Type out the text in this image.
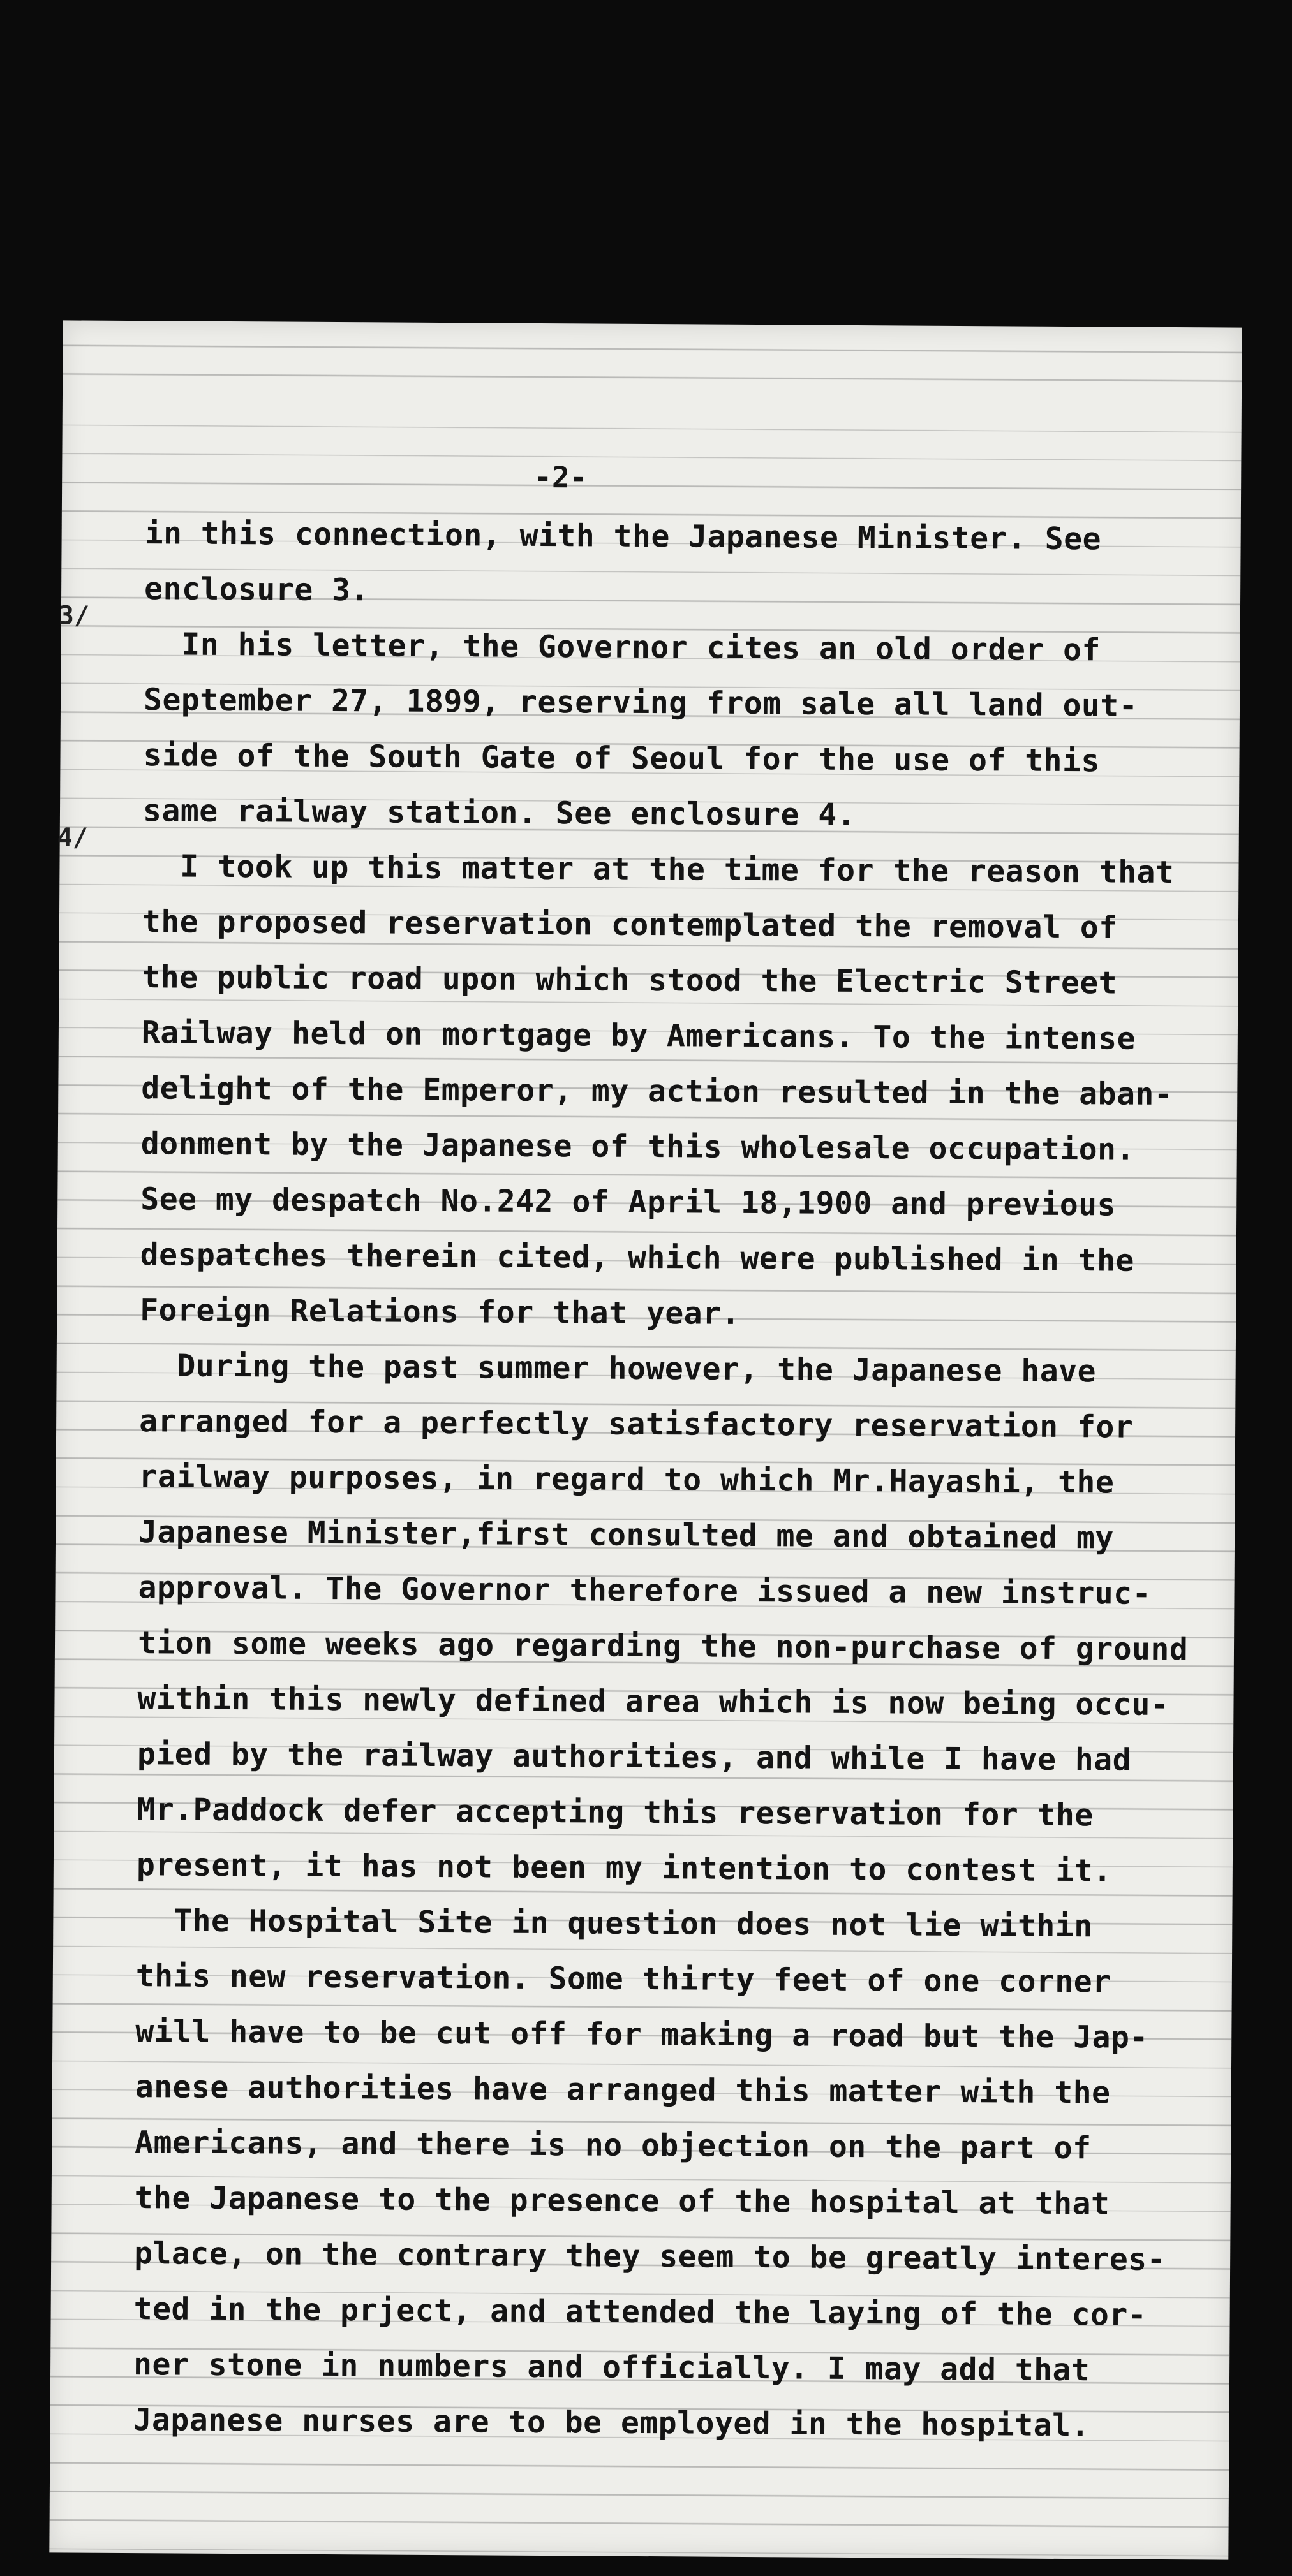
-2-
3/
4/
in this connection, with the Japanese Minister. See
enclosure 3.
In his letter, the Governor cites an old order of
September 27, 1899, reserving from sale all land out-
side of the South Gate of Seoul for the use of this
same railway station. See enclosure 4.
I took up this matter at the time for the reason that
the proposed reservation contemplated the removal of
the public road upon which stood the Electric Street
Railway held on mortgage by Americans. To the intense
delight of the Emperor, my action resulted in the aban-
donment by the Japanese of this wholesale occupation.
See my despatch No.242 of April 18,1900 and previous
despatches therein cited, which were published in the
Foreign Relations for that year.
During the past summer however, the Japanese have
arranged for a perfectly satisfactory reservation for
railway purposes, in regard to which Mr.Hayashi, the
Japanese Minister,first consulted me and obtained my
approval. The Governor therefore issued a new instruc-
tion some weeks ago regarding the non-purchase of ground
within this newly defined area which is now being occu-
pied by the railway authorities, and while I have had
Mr.Paddock defer accepting this reservation for the
present, it has not been my intention to contest it.
The Hospital Site in question does not lie within
this new reservation. Some thirty feet of one corner
will have to be cut off for making a road but the Jap-
anese authorities have arranged this matter with the
Americans, and there is no objection on the part of
the Japanese to the presence of the hospital at that
place, on the contrary they seem to be greatly interes-
ted in the prject, and attended the laying of the cor-
ner stone in numbers and officially. I may add that
Japanese nurses are to be employed in the hospital.
